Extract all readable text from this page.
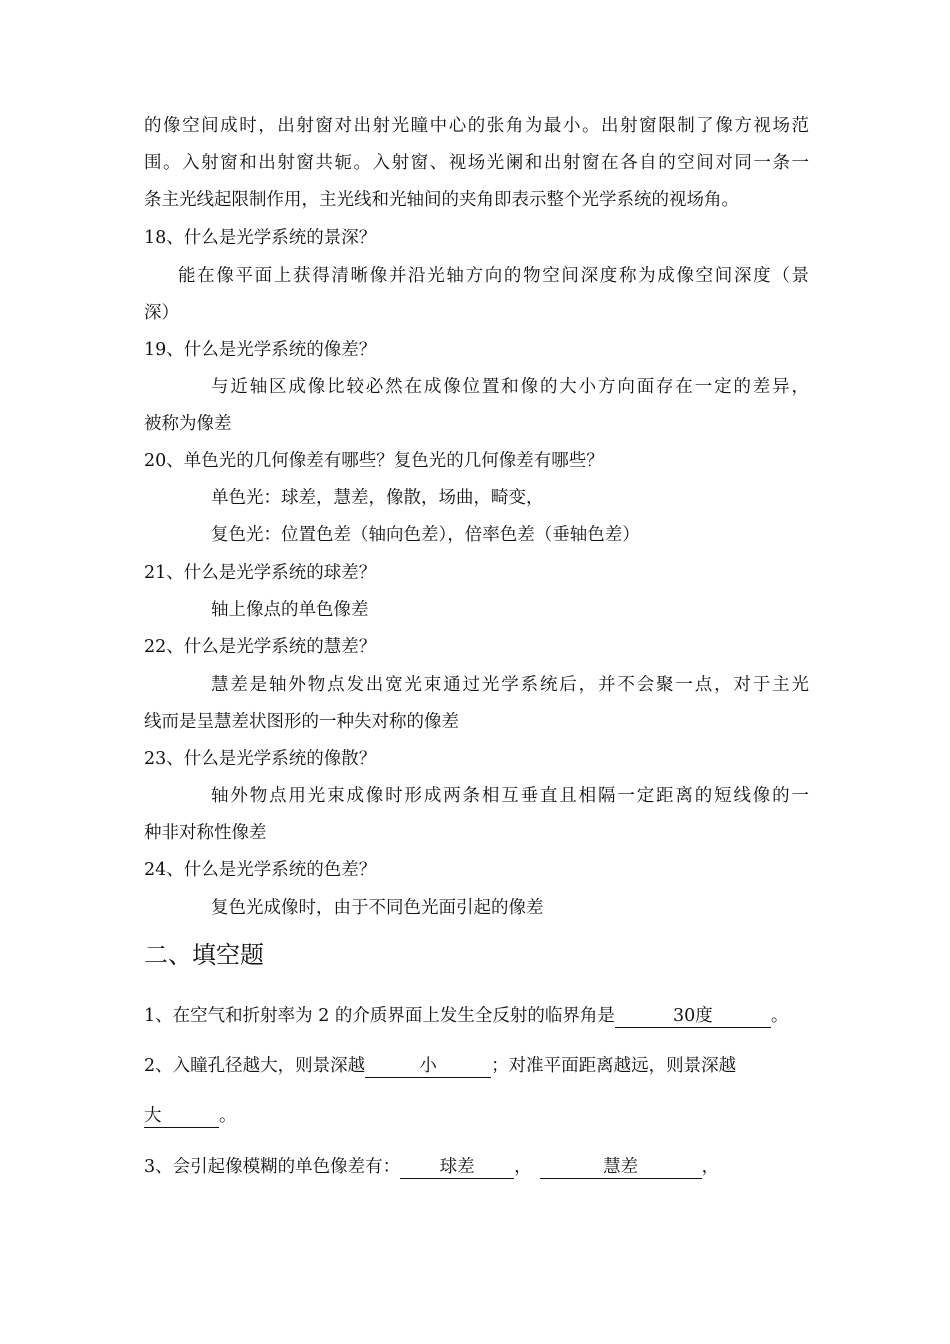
的像空间成时，出射窗对出射光瞳中心的张角为最小。出射窗限制了像方视场范
围。入射窗和出射窗共轭。入射窗、视场光阑和出射窗在各自的空间对同一条一
条主光线起限制作用，主光线和光轴间的夹角即表示整个光学系统的视场角。
18、什么是光学系统的景深？
能在像平面上获得清晰像并沿光轴方向的物空间深度称为成像空间深度（景
深）
19、什么是光学系统的像差？
与近轴区成像比较必然在成像位置和像的大小方向面存在一定的差异，
被称为像差
20、单色光的几何像差有哪些？复色光的几何像差有哪些？
单色光：球差，慧差，像散，场曲，畸变，
复色光：位置色差（轴向色差），倍率色差（垂轴色差）
21、什么是光学系统的球差？
轴上像点的单色像差
22、什么是光学系统的慧差？
慧差是轴外物点发出宽光束通过光学系统后，并不会聚一点，对于主光
线而是呈慧差状图形的一种失对称的像差
23、什么是光学系统的像散？
轴外物点用光束成像时形成两条相互垂直且相隔一定距离的短线像的一
种非对称性像差
24、什么是光学系统的色差？
复色光成像时，由于不同色光面引起的像差
二、填空题
1、在空气和折射率为 2 的介质界面上发生全反射的临界角是	30度	。
2、入瞳孔径越大，则景深越	小	；对准平面距离越远，则景深越
大	。
3、会引起像模糊的单色像差有： 球差 ，	慧差	，
